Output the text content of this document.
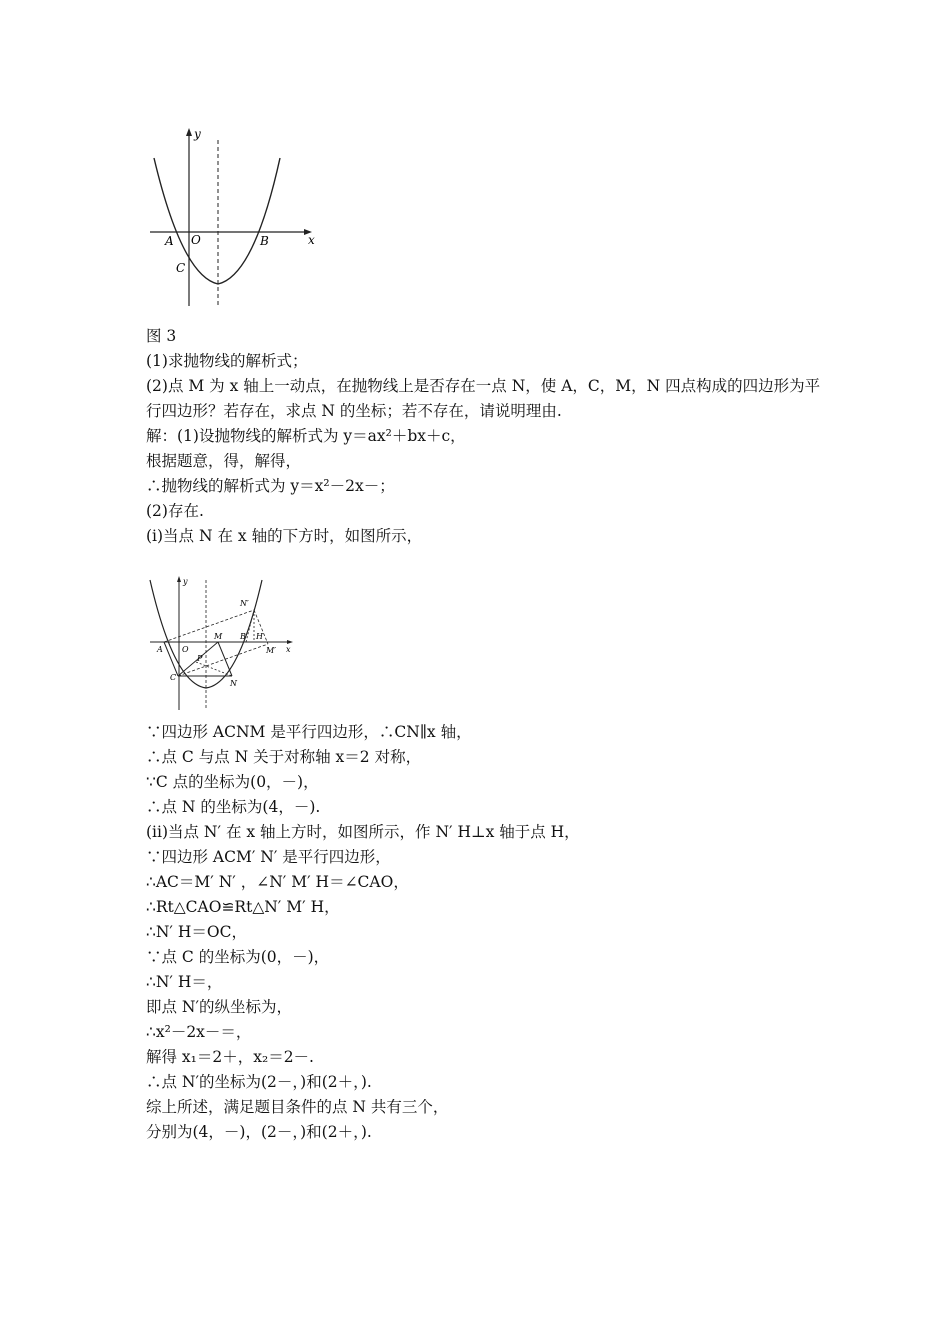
y
x
A O	B
C
图 3
(1)求抛物线的解析式；
(2)点 M 为 x 轴上一动点，在抛物线上是否存在一点 N，使 A，C，M，N 四点构成的四边形为平
行四边形？若存在，求点 N 的坐标；若不存在，请说明理由.
解：(1)设抛物线的解析式为 y＝ax²＋bx＋c，
根据题意，得，解得，
∴抛物线的解析式为 y＝x²－2x－；
(2)存在.
(i)当点 N 在 x 轴的下方时，如图所示，
y
x
A O
M B H
M′
N′
P
C
N
∵四边形 ACNM 是平行四边形，∴CN∥x 轴，
∴点 C 与点 N 关于对称轴 x＝2 对称，
∵C 点的坐标为(0，－)，
∴点 N 的坐标为(4，－).
(ii)当点 N′ 在 x 轴上方时，如图所示，作 N′ H⊥x 轴于点 H，
∵四边形 ACM′ N′ 是平行四边形，
∴AC＝M′ N′ ，∠N′ M′ H＝∠CAO，
∴Rt△CAO≌Rt△N′ M′ H，
∴N′ H＝OC，
∵点 C 的坐标为(0，－)，
∴N′ H＝，
即点 N′的纵坐标为，
∴x²－2x－＝，
解得 x₁＝2＋，x₂＝2－.
∴点 N′的坐标为(2－，)和(2＋，).
综上所述，满足题目条件的点 N 共有三个，
分别为(4，－)，(2－，)和(2＋，).
